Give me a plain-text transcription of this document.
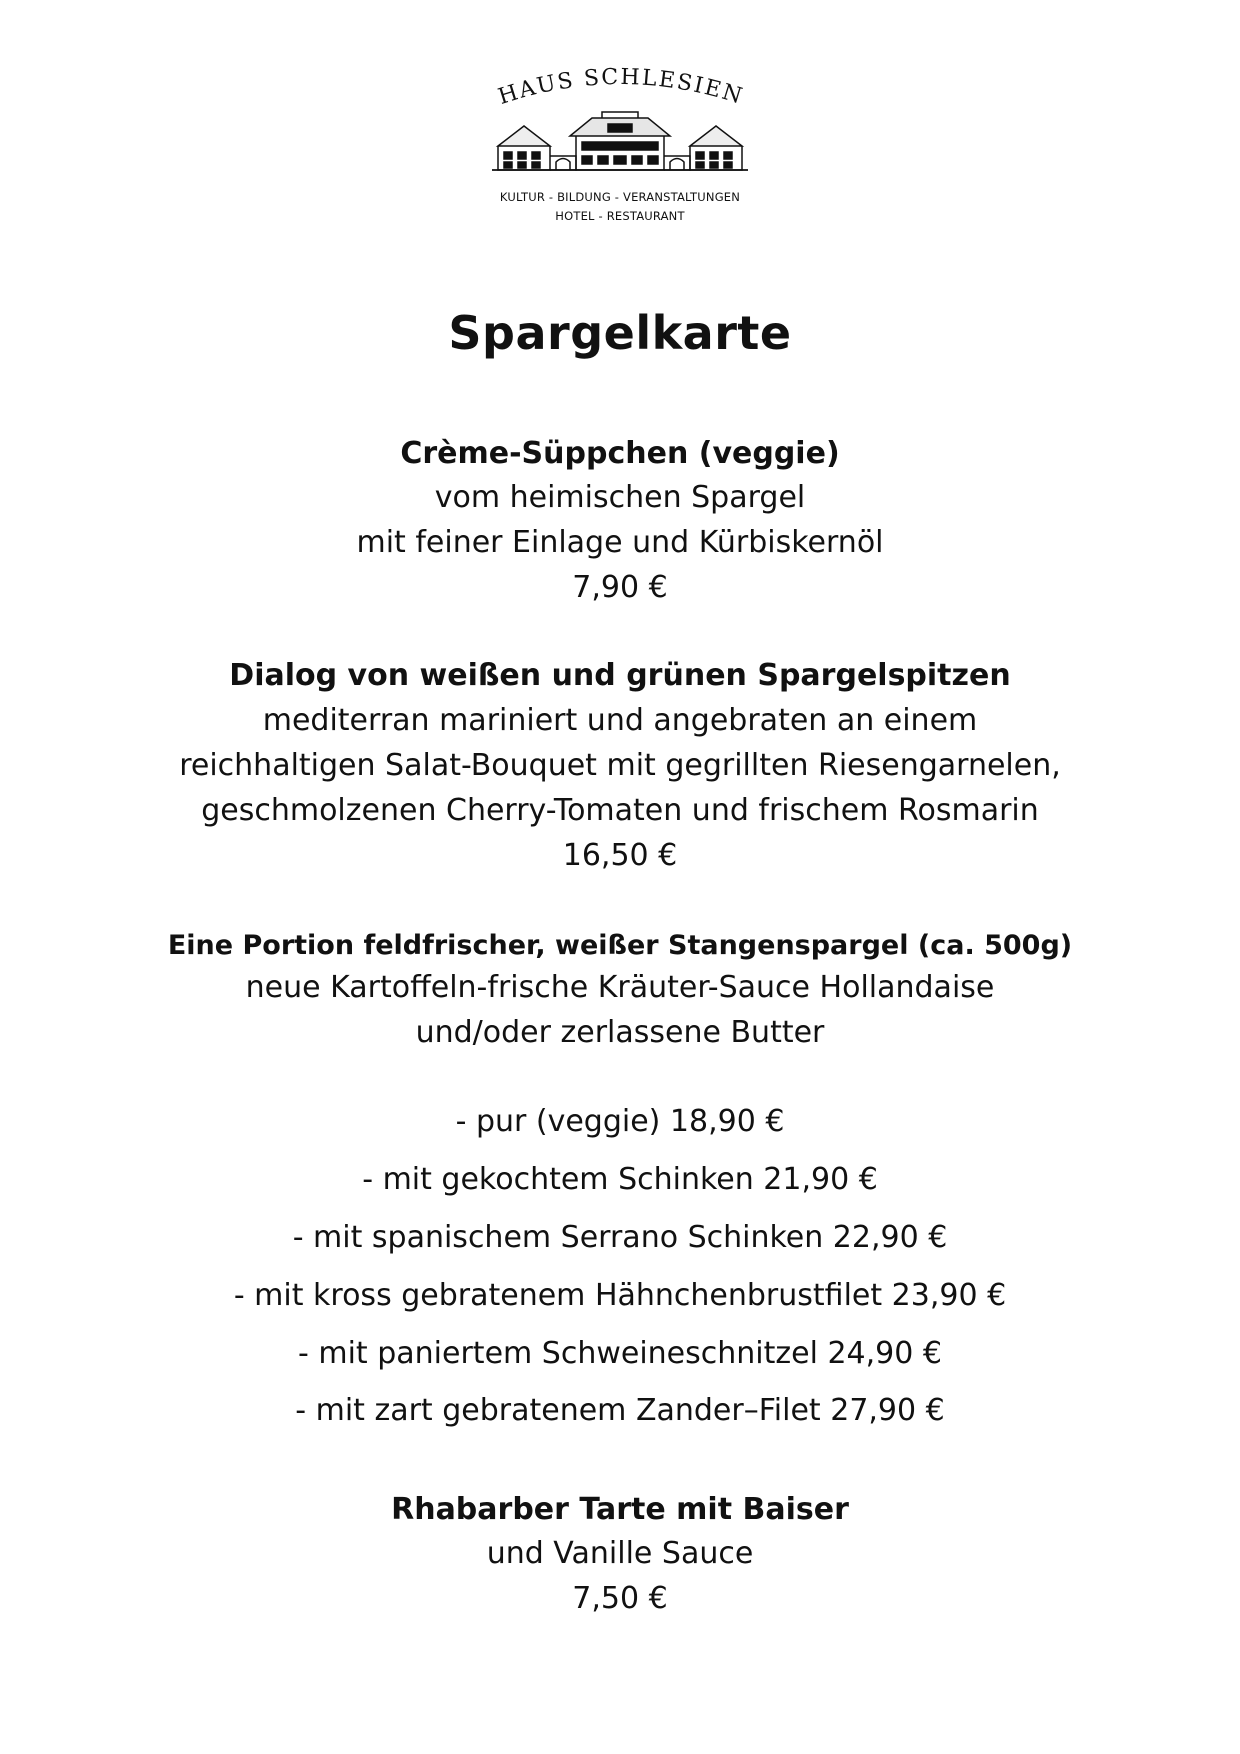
HAUS SCHLESIEN
KULTUR - BILDUNG - VERANSTALTUNGEN
HOTEL - RESTAURANT
Spargelkarte
Crème-Süppchen (veggie)
vom heimischen Spargel
mit feiner Einlage und Kürbiskernöl
7,90 €
Dialog von weißen und grünen Spargelspitzen
mediterran mariniert und angebraten an einem
reichhaltigen Salat-Bouquet mit gegrillten Riesengarnelen,
geschmolzenen Cherry-Tomaten und frischem Rosmarin
16,50 €
Eine Portion feldfrischer, weißer Stangenspargel (ca. 500g)
neue Kartoffeln-frische Kräuter-Sauce Hollandaise
und/oder zerlassene Butter
- pur (veggie) 18,90 €
- mit gekochtem Schinken 21,90 €
- mit spanischem Serrano Schinken 22,90 €
- mit kross gebratenem Hähnchenbrustfilet 23,90 €
- mit paniertem Schweineschnitzel 24,90 €
- mit zart gebratenem Zander–Filet 27,90 €
Rhabarber Tarte mit Baiser
und Vanille Sauce
7,50 €
